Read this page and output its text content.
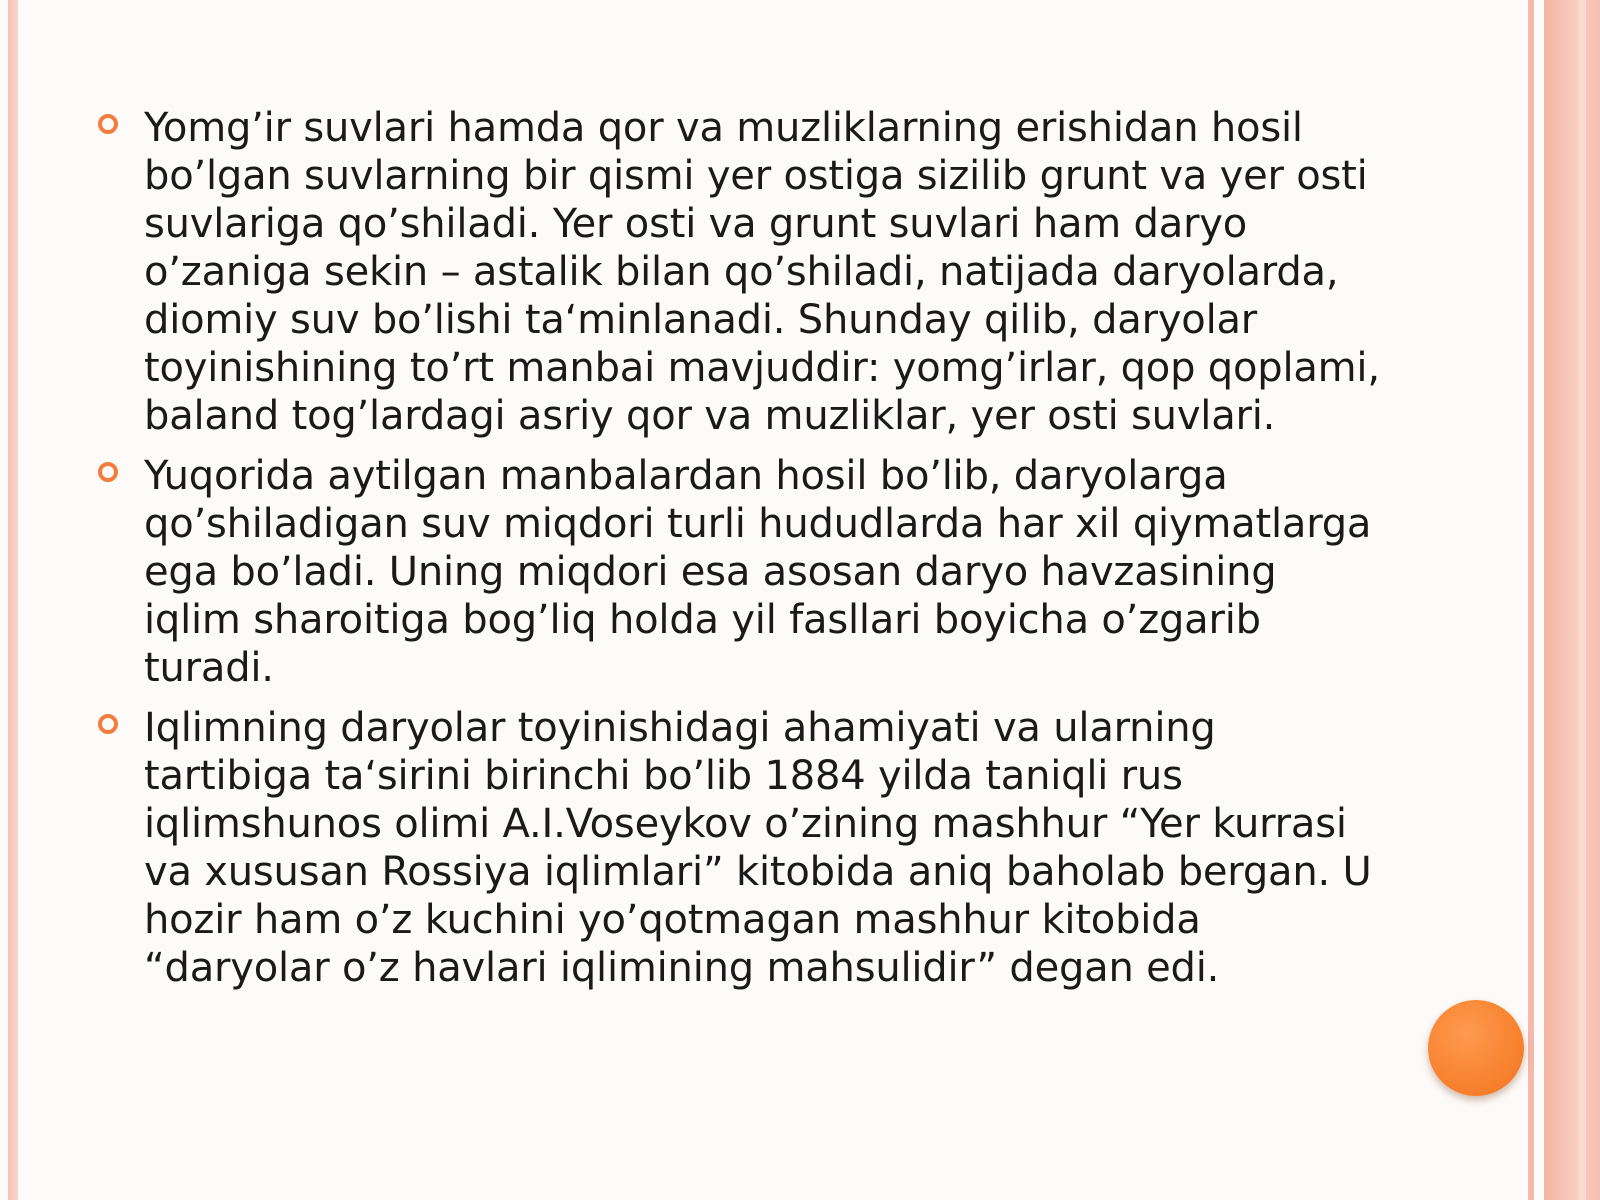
Yomg’ir suvlari hamda qor va muzliklarning erishidan hosil
bo’lgan suvlarning bir qismi yer ostiga sizilib grunt va yer osti
suvlariga qo’shiladi. Yer osti va grunt suvlari ham daryo
o’zaniga sekin – astalik bilan qo’shiladi, natijada daryolarda,
diomiy suv bo’lishi ta‘minlanadi. Shunday qilib, daryolar
toyinishining to’rt manbai mavjuddir: yomg’irlar, qop qoplami,
baland tog’lardagi asriy qor va muzliklar, yer osti suvlari.
Yuqorida aytilgan manbalardan hosil bo’lib, daryolarga
qo’shiladigan suv miqdori turli hududlarda har xil qiymatlarga
ega bo’ladi. Uning miqdori esa asosan daryo havzasining
iqlim sharoitiga bog’liq holda yil fasllari boyicha o’zgarib
turadi.
Iqlimning daryolar toyinishidagi ahamiyati va ularning
tartibiga ta‘sirini birinchi bo’lib 1884 yilda taniqli rus
iqlimshunos olimi A.I.Voseykov o’zining mashhur “Yer kurrasi
va xususan Rossiya iqlimlari” kitobida aniq baholab bergan. U
hozir ham o’z kuchini yo’qotmagan mashhur kitobida
“daryolar o’z havlari iqlimining mahsulidir” degan edi.
